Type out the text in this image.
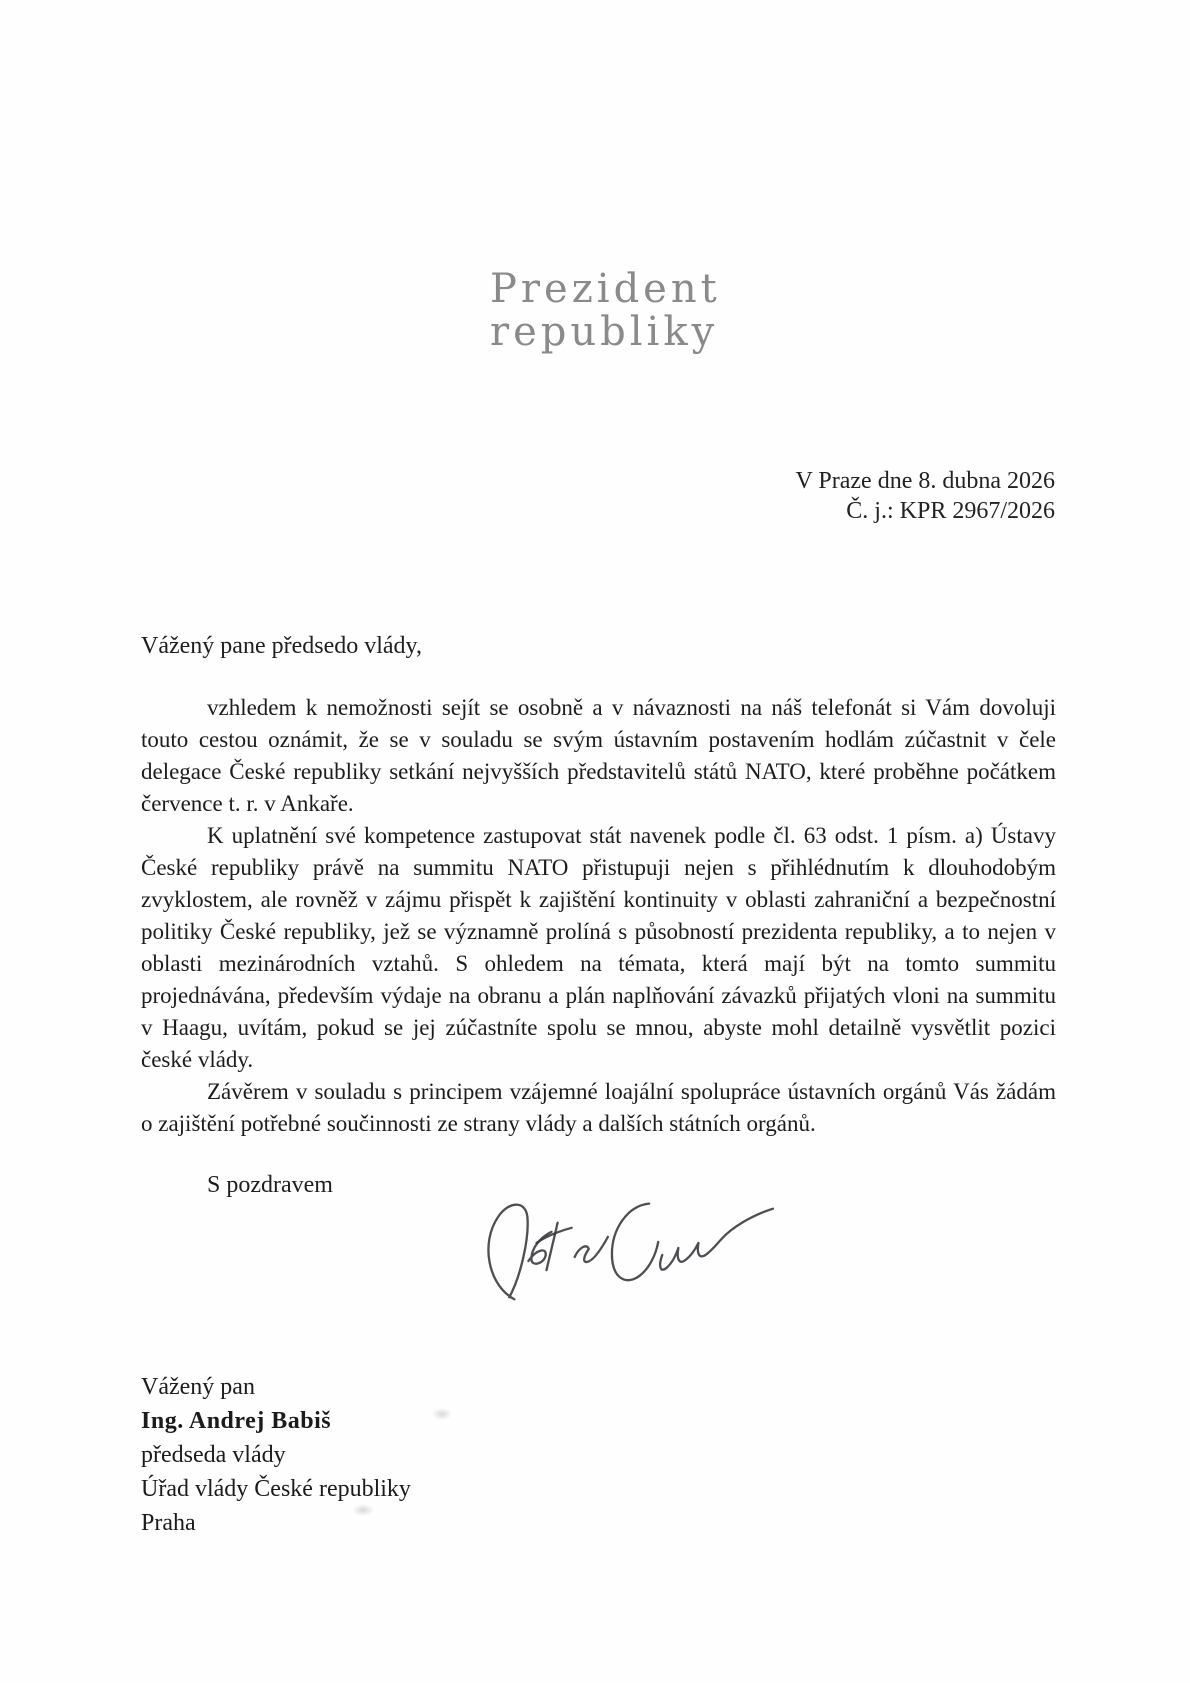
Prezident
republiky
V Praze dne 8. dubna 2026
Č. j.: KPR 2967/2026
Vážený pane předsedo vlády,

vzhledem k nemožnosti sejít se osobně a v návaznosti na náš telefonát si Vám dovoluji touto cestou oznámit, že se v souladu se svým ústavním postavením hodlám zúčastnit v čele delegace České republiky setkání nejvyšších představitelů států NATO, které proběhne počátkem července t. r. v Ankaře.

K uplatnění své kompetence zastupovat stát navenek podle čl. 63 odst. 1 písm. a) Ústavy České republiky právě na summitu NATO přistupuji nejen s přihlédnutím k dlouhodobým zvyklostem, ale rovněž v zájmu přispět k zajištění kontinuity v oblasti zahraniční a bezpečnostní politiky České republiky, jež se významně prolíná s působností prezidenta republiky, a to nejen v oblasti mezinárodních vztahů. S ohledem na témata, která mají být na tomto summitu projednávána, především výdaje na obranu a plán naplňování závazků přijatých vloni na summitu v Haagu, uvítám, pokud se jej zúčastníte spolu se mnou, abyste mohl detailně vysvětlit pozici české vlády.

Závěrem v souladu s principem vzájemné loajální spolupráce ústavních orgánů Vás žádám o zajištění potřebné součinnosti ze strany vlády a dalších státních orgánů.

S pozdravem
Vážený pan
Ing. Andrej Babiš
předseda vlády
Úřad vlády České republiky
Praha
